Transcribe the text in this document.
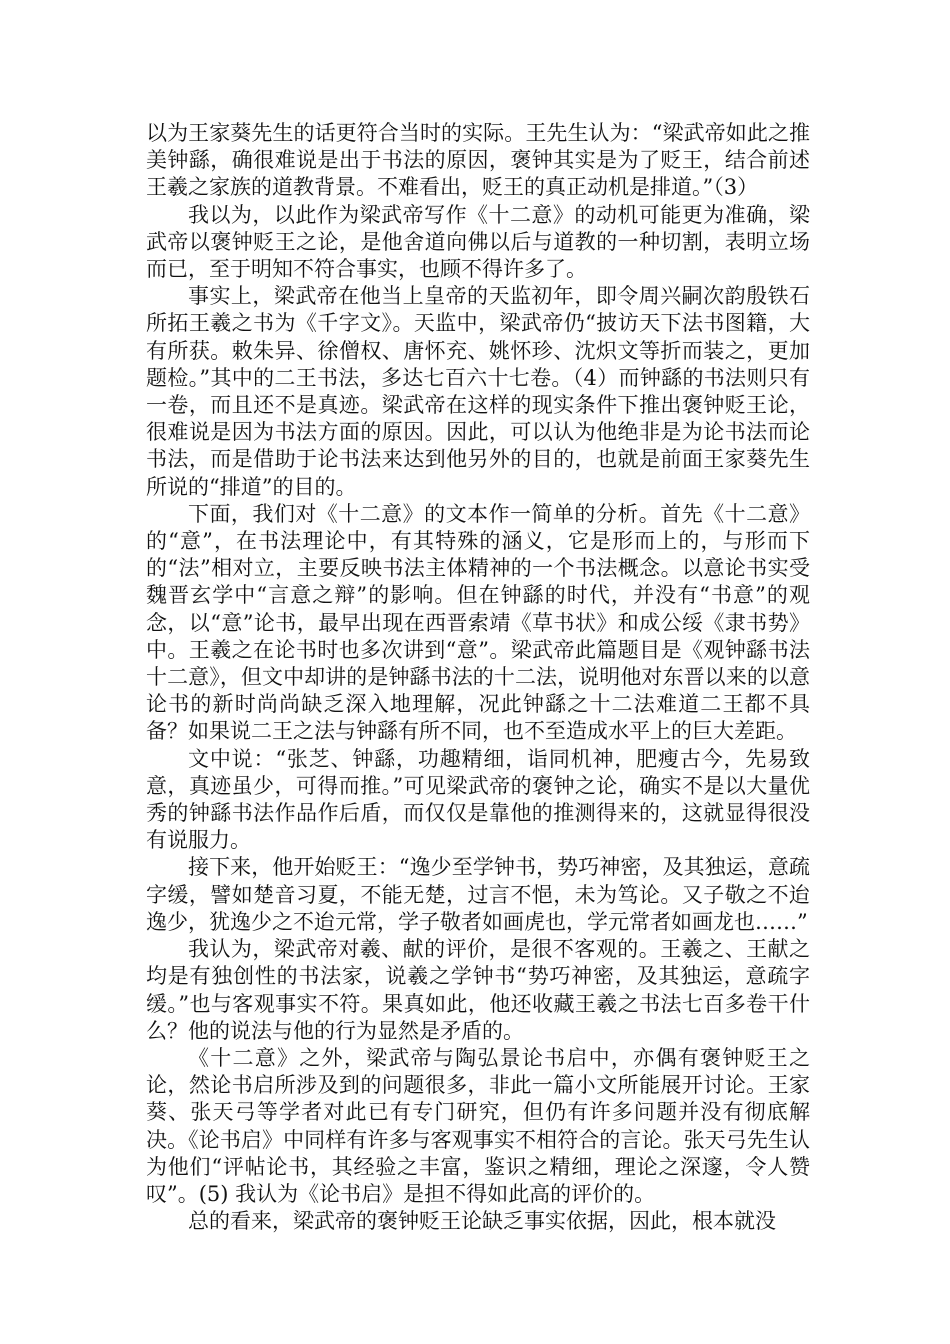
以为王家葵先生的话更符合当时的实际。王先生认为：“梁武帝如此之推美钟繇，确很难说是出于书法的原因，褒钟其实是为了贬王，结合前述王羲之家族的道教背景。不难看出，贬王的真正动机是排道。”（3）

我以为，以此作为梁武帝写作《十二意》的动机可能更为准确，梁武帝以褒钟贬王之论，是他舍道向佛以后与道教的一种切割，表明立场而已，至于明知不符合事实，也顾不得许多了。

事实上，梁武帝在他当上皇帝的天监初年，即令周兴嗣次韵殷铁石所拓王羲之书为《千字文》。天监中，梁武帝仍“披访天下法书图籍，大有所获。敕朱异、徐僧权、唐怀充、姚怀珍、沈炽文等折而装之，更加题检。”其中的二王书法，多达七百六十七卷。（4）而钟繇的书法则只有一卷，而且还不是真迹。梁武帝在这样的现实条件下推出褒钟贬王论，很难说是因为书法方面的原因。因此，可以认为他绝非是为论书法而论书法，而是借助于论书法来达到他另外的目的，也就是前面王家葵先生所说的“排道”的目的。

下面，我们对《十二意》的文本作一简单的分析。首先《十二意》的“意”，在书法理论中，有其特殊的涵义，它是形而上的，与形而下的“法”相对立，主要反映书法主体精神的一个书法概念。以意论书实受魏晋玄学中“言意之辩”的影响。但在钟繇的时代，并没有“书意”的观念，以“意”论书，最早出现在西晋索靖《草书状》和成公绥《隶书势》中。王羲之在论书时也多次讲到“意”。梁武帝此篇题目是《观钟繇书法十二意》，但文中却讲的是钟繇书法的十二法，说明他对东晋以来的以意论书的新时尚尚缺乏深入地理解，况此钟繇之十二法难道二王都不具备？如果说二王之法与钟繇有所不同，也不至造成水平上的巨大差距。

文中说：“张芝、钟繇，功趣精细，诣同机神，肥瘦古今，先易致意，真迹虽少，可得而推。”可见梁武帝的褒钟之论，确实不是以大量优秀的钟繇书法作品作后盾，而仅仅是靠他的推测得来的，这就显得很没有说服力。

接下来，他开始贬王：“逸少至学钟书，势巧神密，及其独运，意疏字缓，譬如楚音习夏，不能无楚，过言不悒，未为笃论。又子敬之不迨逸少，犹逸少之不迨元常，学子敬者如画虎也，学元常者如画龙也……”

我认为，梁武帝对羲、献的评价，是很不客观的。王羲之、王献之均是有独创性的书法家，说羲之学钟书“势巧神密，及其独运，意疏字缓。”也与客观事实不符。果真如此，他还收藏王羲之书法七百多卷干什么？他的说法与他的行为显然是矛盾的。

《十二意》之外，梁武帝与陶弘景论书启中，亦偶有褒钟贬王之论，然论书启所涉及到的问题很多，非此一篇小文所能展开讨论。王家葵、张天弓等学者对此已有专门研究，但仍有许多问题并没有彻底解决。《论书启》中同样有许多与客观事实不相符合的言论。张天弓先生认为他们“评帖论书，其经验之丰富，鉴识之精细，理论之深邃，令人赞叹”。(5) 我认为《论书启》是担不得如此高的评价的。

总的看来，梁武帝的褒钟贬王论缺乏事实依据，因此，根本就没
